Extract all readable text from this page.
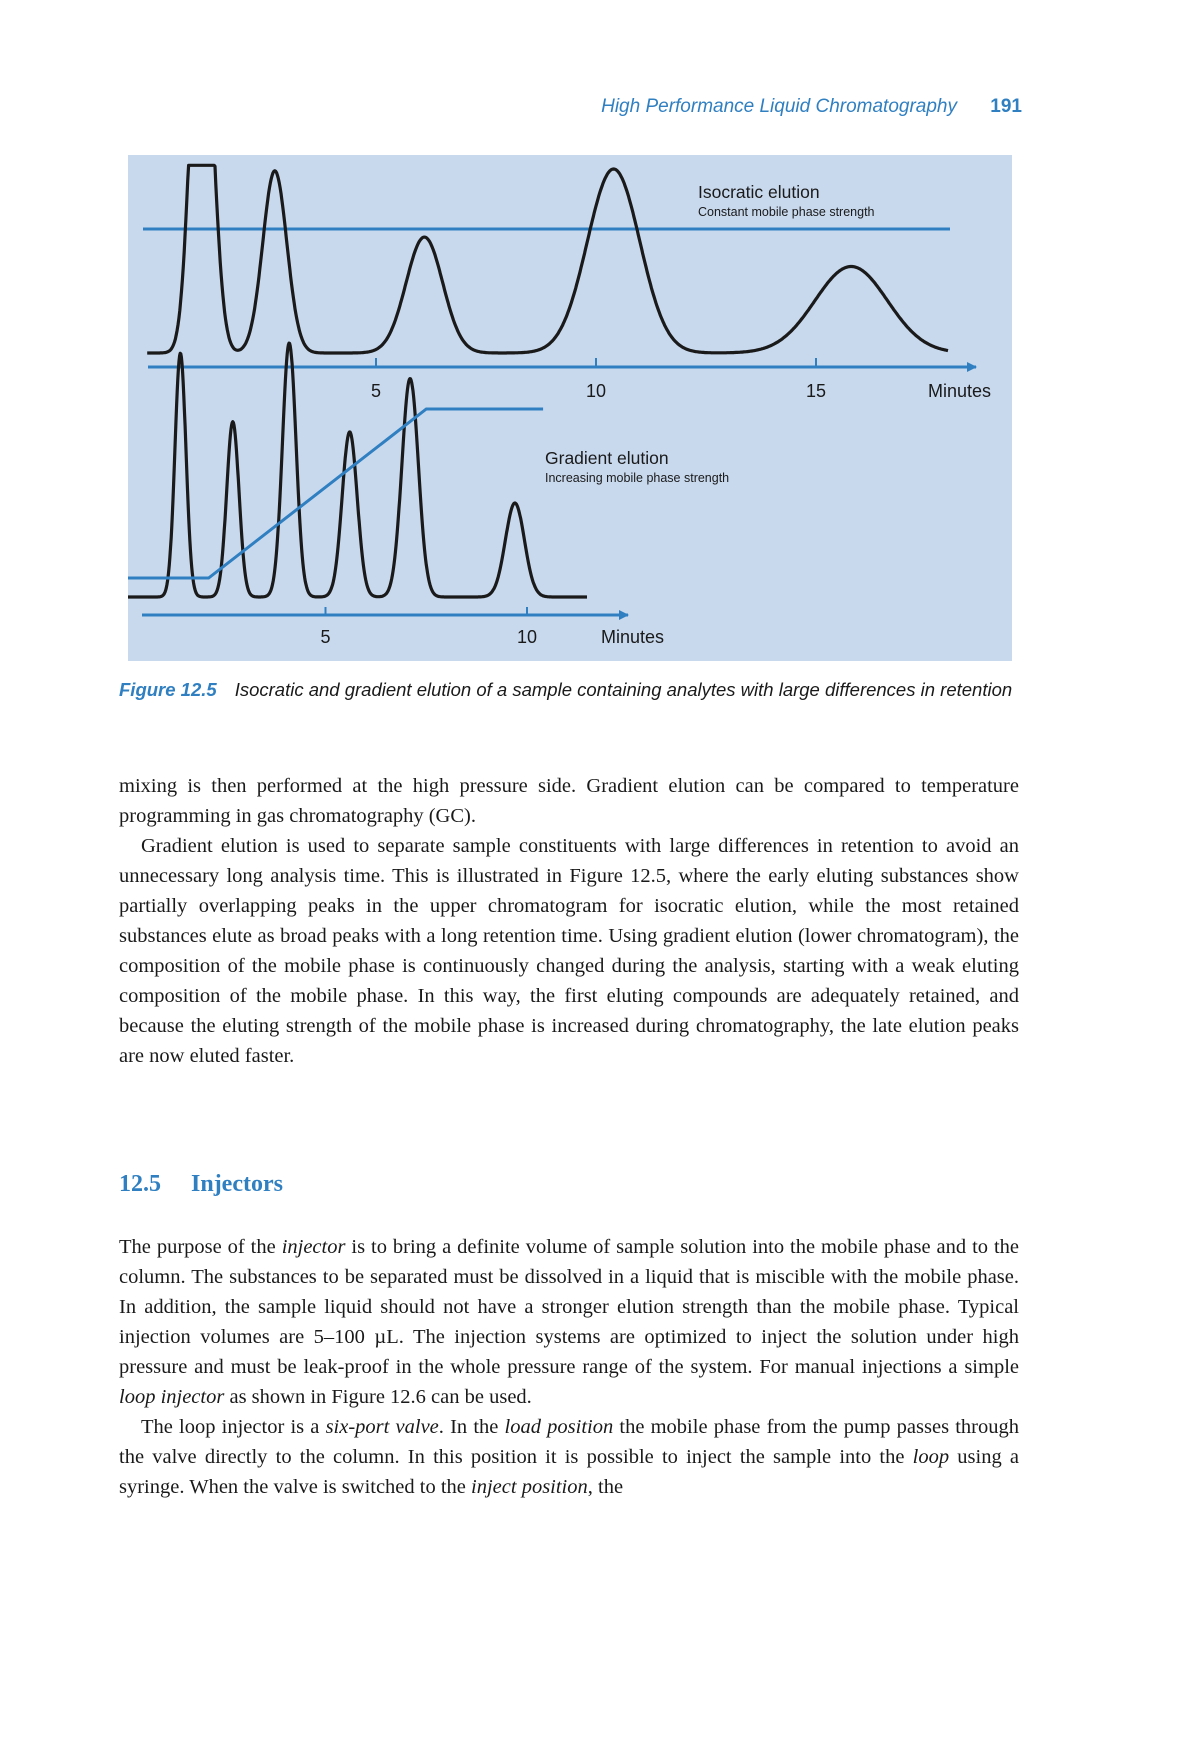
High Performance Liquid Chromatography 191
5	10	15	Minutes
Isocratic elution
Constant mobile phase strength
5	10	Minutes
Gradient elution
Increasing mobile phase strength
Figure 12.5 Isocratic and gradient elution of a sample containing analytes with large differences in retention

mixing is then performed at the high pressure side. Gradient elution can be compared to temperature programming in gas chromatography (GC).

Gradient elution is used to separate sample constituents with large differences in retention to avoid an unnecessary long analysis time. This is illustrated in Figure 12.5, where the early eluting substances show partially overlapping peaks in the upper chromatogram for isocratic elution, while the most retained substances elute as broad peaks with a long retention time. Using gradient elution (lower chromatogram), the composition of the mobile phase is continuously changed during the analysis, starting with a weak eluting composition of the mobile phase. In this way, the first eluting compounds are adequately retained, and because the eluting strength of the mobile phase is increased during chromatography, the late elution peaks are now eluted faster.

12.5 Injectors

The purpose of the injector is to bring a definite volume of sample solution into the mobile phase and to the column. The substances to be separated must be dissolved in a liquid that is miscible with the mobile phase. In addition, the sample liquid should not have a stronger elution strength than the mobile phase. Typical injection volumes are 5–100 µL. The injection systems are optimized to inject the solution under high pressure and must be leak-proof in the whole pressure range of the system. For manual injections a simple loop injector as shown in Figure 12.6 can be used.

The loop injector is a six-port valve. In the load position the mobile phase from the pump passes through the valve directly to the column. In this position it is possible to inject the sample into the loop using a syringe. When the valve is switched to the inject position, the
